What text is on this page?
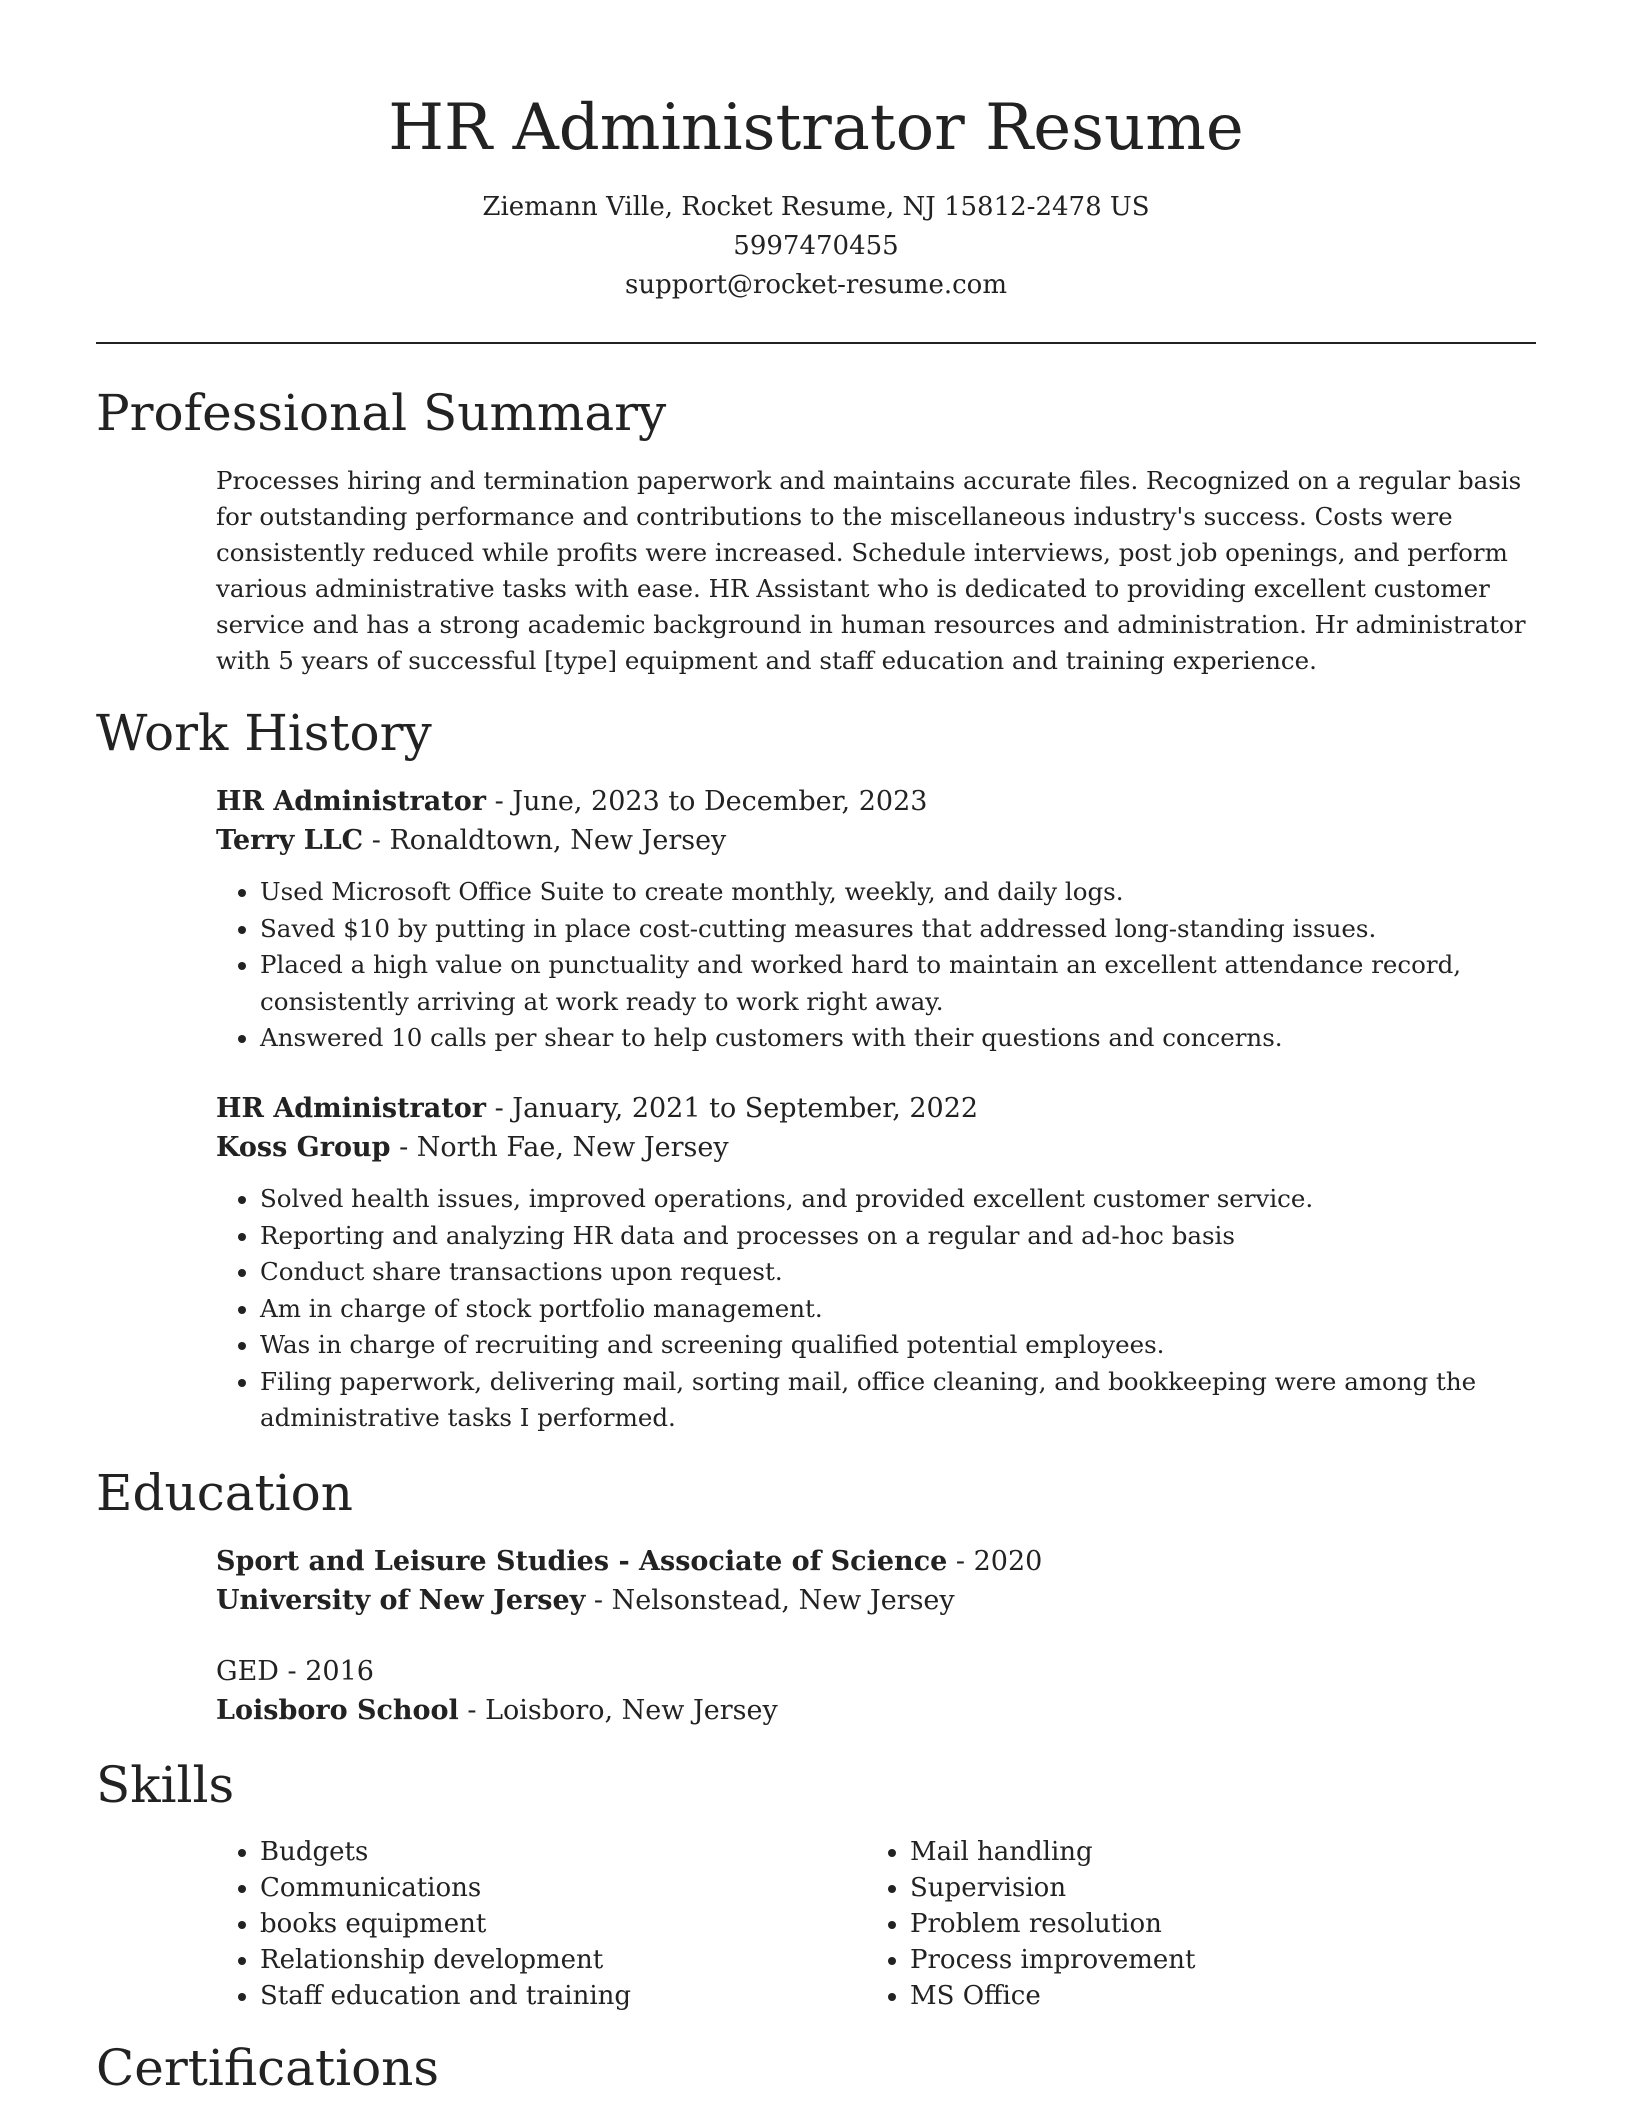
HR Administrator Resume
Ziemann Ville, Rocket Resume, NJ 15812-2478 US
5997470455
support@rocket-resume.com
Professional Summary

Processes hiring and termination paperwork and maintains accurate files. Recognized on a regular basis for outstanding performance and contributions to the miscellaneous industry's success. Costs were consistently reduced while profits were increased. Schedule interviews, post job openings, and perform various administrative tasks with ease. HR Assistant who is dedicated to providing excellent customer service and has a strong academic background in human resources and administration. Hr administrator with 5 years of successful [type] equipment and staff education and training experience.

Work History

HR Administrator - June, 2023 to December, 2023

Terry LLC - Ronaldtown, New Jersey

• Used Microsoft Office Suite to create monthly, weekly, and daily logs.
• Saved $10 by putting in place cost-cutting measures that addressed long-standing issues.
• Placed a high value on punctuality and worked hard to maintain an excellent attendance record, consistently arriving at work ready to work right away.
• Answered 10 calls per shear to help customers with their questions and concerns.

HR Administrator - January, 2021 to September, 2022

Koss Group - North Fae, New Jersey

• Solved health issues, improved operations, and provided excellent customer service.
• Reporting and analyzing HR data and processes on a regular and ad-hoc basis
• Conduct share transactions upon request.
• Am in charge of stock portfolio management.
• Was in charge of recruiting and screening qualified potential employees.
• Filing paperwork, delivering mail, sorting mail, office cleaning, and bookkeeping were among the administrative tasks I performed.
Education

Sport and Leisure Studies - Associate of Science - 2020

University of New Jersey - Nelsonstead, New Jersey

GED - 2016

Loisboro School - Loisboro, New Jersey

Skills
• Budgets
• Communications
• books equipment
• Relationship development
• Staff education and training
• Mail handling
• Supervision
• Problem resolution
• Process improvement
• MS Office
Certifications
